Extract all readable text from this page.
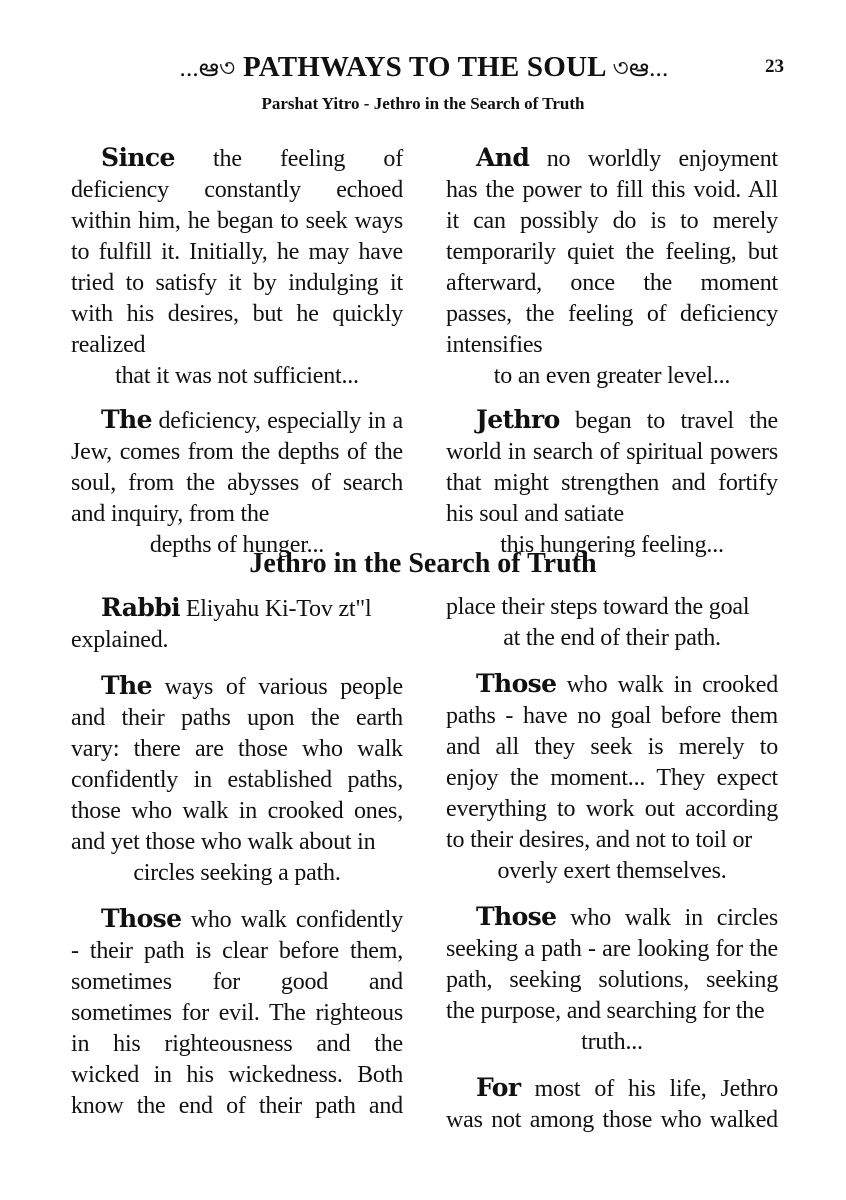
...ఆ৩ PATHWAYS TO THE SOUL ৩ఆ...	23
Parshat Yitro - Jethro in the Search of Truth

Since the feeling of deficiency constantly echoed within him, he began to seek ways to fulfill it. Initially, he may have tried to satisfy it by indulging it with his desires, but he quickly realized
that it was not sufficient...

The deficiency, especially in a Jew, comes from the depths of the soul, from the abysses of search and inquiry, from the
depths of hunger...

And no worldly enjoyment has the power to fill this void. All it can possibly do is to merely temporarily quiet the feeling, but afterward, once the moment passes, the feeling of deficiency intensifies
to an even greater level...

Jethro began to travel the world in search of spiritual powers that might strengthen and fortify his soul and satiate
this hungering feeling...

Jethro in the Search of Truth

Rabbi Eliyahu Ki-Tov zt"l
explained.

The ways of various people and their paths upon the earth vary: there are those who walk confidently in established paths, those who walk in crooked ones, and yet those who walk about in
circles seeking a path.

Those who walk confidently - their path is clear before them, sometimes for good and sometimes for evil. The righteous in his righteousness and the wicked in his wickedness. Both know the end of their path and

place their steps toward the goal
at the end of their path.

Those who walk in crooked paths - have no goal before them and all they seek is merely to enjoy the moment... They expect everything to work out according to their desires, and not to toil or
overly exert themselves.

Those who walk in circles seeking a path - are looking for the path, seeking solutions, seeking the purpose, and searching for the
truth...

For most of his life, Jethro was not among those who walked
